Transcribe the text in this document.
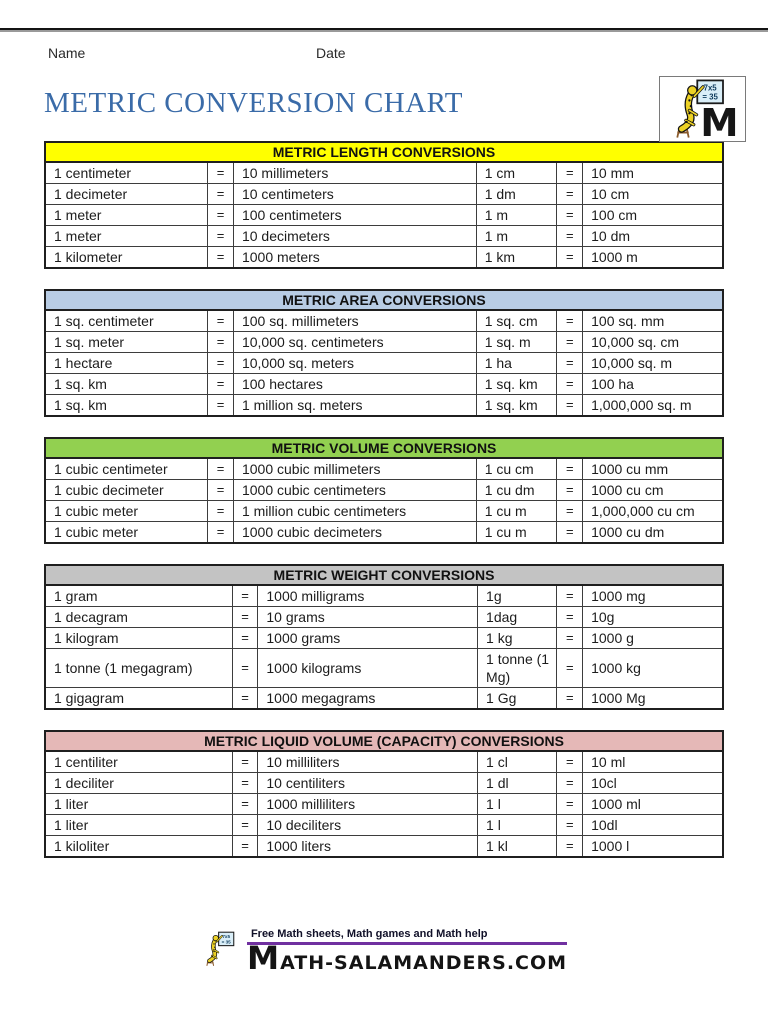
Name	Date
M
METRIC CONVERSION CHART
METRIC LENGTH CONVERSIONS					
1 centimeter	=	10 millimeters	1 cm	=	10 mm
1 decimeter	=	10 centimeters	1 dm	=	10 cm
1 meter	=	100 centimeters	1 m	=	100 cm
1 meter	=	10 decimeters	1 m	=	10 dm
1 kilometer	=	1000 meters	1 km	=	1000 m
METRIC AREA CONVERSIONS					
1 sq. centimeter	=	100 sq. millimeters	1 sq. cm	=	100 sq. mm
1 sq. meter	=	10,000 sq. centimeters	1 sq. m	=	10,000 sq. cm
1 hectare	=	10,000 sq. meters	1 ha	=	10,000 sq. m
1 sq. km	=	100 hectares	1 sq. km	=	100 ha
1 sq. km	=	1 million sq. meters	1 sq. km	=	1,000,000 sq. m
METRIC VOLUME CONVERSIONS					
1 cubic centimeter	=	1000 cubic millimeters	1 cu cm	=	1000 cu mm
1 cubic decimeter	=	1000 cubic centimeters	1 cu dm	=	1000 cu cm
1 cubic meter	=	1 million cubic centimeters	1 cu m	=	1,000,000 cu cm
1 cubic meter	=	1000 cubic decimeters	1 cu m	=	1000 cu dm
METRIC WEIGHT CONVERSIONS					
1 gram	=	1000 milligrams	1g	=	1000 mg
1 decagram	=	10 grams	1dag	=	10g
1 kilogram	=	1000 grams	1 kg	=	1000 g
1 tonne (1 megagram)	=	1000 kilograms	1 tonne (1 Mg)	=	1000 kg
1 gigagram	=	1000 megagrams	1 Gg	=	1000 Mg
METRIC LIQUID VOLUME (CAPACITY) CONVERSIONS					
1 centiliter	=	10 milliliters	1 cl	=	10 ml
1 deciliter	=	10 centiliters	1 dl	=	10cl
1 liter	=	1000 milliliters	1 l	=	1000 ml
1 liter	=	10 deciliters	1 l	=	10dl
1 kiloliter	=	1000 liters	1 kl	=	1000 l
Free Math sheets, Math games and Math help
MATH-SALAMANDERS.COM
